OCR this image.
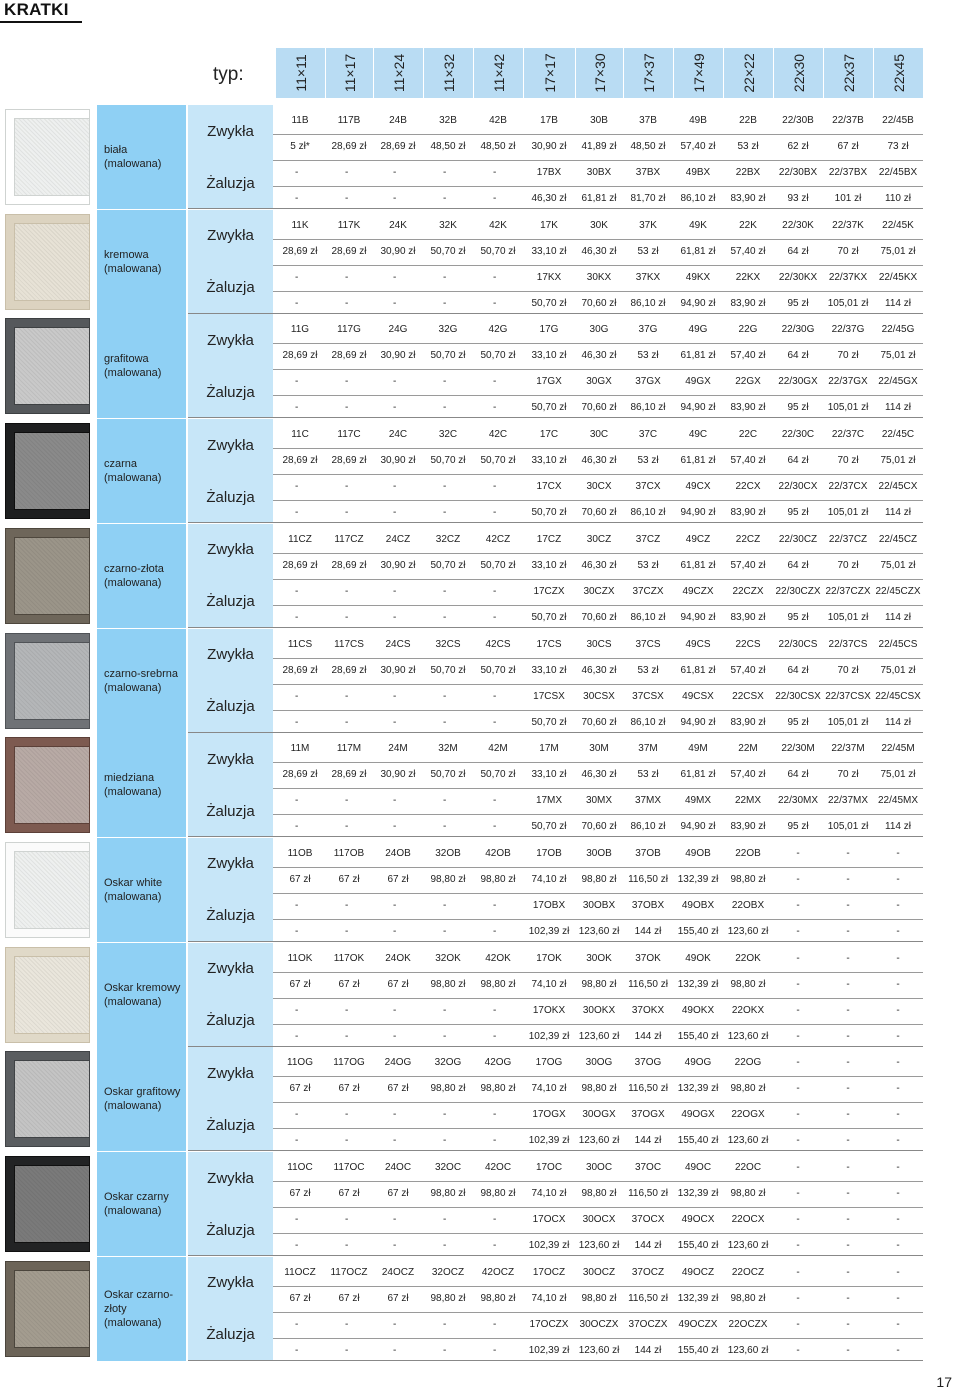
KRATKI
typ:	11×11 11×17 11×24 11×32 11×42	17×17 17×30 17×37 17×49 22×22 22x30 22x37 22x45
biała (malowana)
Zwykła
Żaluzja
11B	117B	24B	32B	42B	17B	30B	37B	49B	22B	22/30B	22/37B	22/45B
5 zł*	28,69 zł	28,69 zł	48,50 zł	48,50 zł	30,90 zł	41,89 zł	48,50 zł	57,40 zł	53 zł	62 zł	67 zł	73 zł
-	-	-	-	-	17BX	30BX	37BX	49BX	22BX	22/30BX	22/37BX	22/45BX
-	-	-	-	-	46,30 zł	61,81 zł	81,70 zł	86,10 zł	83,90 zł	93 zł	101 zł	110 zł
kremowa (malowana)
Zwykła
Żaluzja
11K	117K	24K	32K	42K	17K	30K	37K	49K	22K	22/30K	22/37K	22/45K
28,69 zł	28,69 zł	30,90 zł	50,70 zł	50,70 zł	33,10 zł	46,30 zł	53 zł	61,81 zł	57,40 zł	64 zł	70 zł	75,01 zł
-	-	-	-	-	17KX	30KX	37KX	49KX	22KX	22/30KX	22/37KX	22/45KX
-	-	-	-	-	50,70 zł	70,60 zł	86,10 zł	94,90 zł	83,90 zł	95 zł	105,01 zł	114 zł
grafitowa (malowana)
Zwykła
Żaluzja
11G	117G	24G	32G	42G	17G	30G	37G	49G	22G	22/30G	22/37G	22/45G
28,69 zł	28,69 zł	30,90 zł	50,70 zł	50,70 zł	33,10 zł	46,30 zł	53 zł	61,81 zł	57,40 zł	64 zł	70 zł	75,01 zł
-	-	-	-	-	17GX	30GX	37GX	49GX	22GX	22/30GX	22/37GX	22/45GX
-	-	-	-	-	50,70 zł	70,60 zł	86,10 zł	94,90 zł	83,90 zł	95 zł	105,01 zł	114 zł
czarna (malowana)
Zwykła
Żaluzja
11C	117C	24C	32C	42C	17C	30C	37C	49C	22C	22/30C	22/37C	22/45C
28,69 zł	28,69 zł	30,90 zł	50,70 zł	50,70 zł	33,10 zł	46,30 zł	53 zł	61,81 zł	57,40 zł	64 zł	70 zł	75,01 zł
-	-	-	-	-	17CX	30CX	37CX	49CX	22CX	22/30CX	22/37CX	22/45CX
-	-	-	-	-	50,70 zł	70,60 zł	86,10 zł	94,90 zł	83,90 zł	95 zł	105,01 zł	114 zł
czarno-złota (malowana)
Zwykła
Żaluzja
11CZ	117CZ	24CZ	32CZ	42CZ	17CZ	30CZ	37CZ	49CZ	22CZ	22/30CZ	22/37CZ	22/45CZ
28,69 zł	28,69 zł	30,90 zł	50,70 zł	50,70 zł	33,10 zł	46,30 zł	53 zł	61,81 zł	57,40 zł	64 zł	70 zł	75,01 zł
-	-	-	-	-	17CZX	30CZX	37CZX	49CZX	22CZX	22/30CZX 22/37CZX 22/45CZX
-	-	-	-	-	50,70 zł	70,60 zł	86,10 zł	94,90 zł	83,90 zł	95 zł	105,01 zł	114 zł
czarno-srebrna (malowana)
Zwykła
Żaluzja
11CS	117CS	24CS	32CS	42CS	17CS	30CS	37CS	49CS	22CS	22/30CS	22/37CS	22/45CS
28,69 zł	28,69 zł	30,90 zł	50,70 zł	50,70 zł	33,10 zł	46,30 zł	53 zł	61,81 zł	57,40 zł	64 zł	70 zł	75,01 zł
-	-	-	-	-	17CSX	30CSX	37CSX	49CSX	22CSX	22/30CSX 22/37CSX 22/45CSX
-	-	-	-	-	50,70 zł	70,60 zł	86,10 zł	94,90 zł	83,90 zł	95 zł	105,01 zł	114 zł
miedziana (malowana)
Zwykła
Żaluzja
11M	117M	24M	32M	42M	17M	30M	37M	49M	22M	22/30M	22/37M	22/45M
28,69 zł	28,69 zł	30,90 zł	50,70 zł	50,70 zł	33,10 zł	46,30 zł	53 zł	61,81 zł	57,40 zł	64 zł	70 zł	75,01 zł
-	-	-	-	-	17MX	30MX	37MX	49MX	22MX	22/30MX 22/37MX 22/45MX
-	-	-	-	-	50,70 zł	70,60 zł	86,10 zł	94,90 zł	83,90 zł	95 zł	105,01 zł	114 zł
Oskar white (malowana)
Zwykła
Żaluzja
11OB	117OB	24OB	32OB	42OB	17OB	30OB	37OB	49OB	22OB	-	-	-
67 zł	67 zł	67 zł	98,80 zł	98,80 zł	74,10 zł	98,80 zł	116,50 zł 132,39 zł	98,80 zł	-	-	-
-	-	-	-	-	17OBX	30OBX	37OBX	49OBX	22OBX	-	-	-
-	-	-	-	-	102,39 zł 123,60 zł	144 zł	155,40 zł 123,60 zł	-	-	-
Oskar kremowy (malowana)
Zwykła
Żaluzja
11OK	117OK	24OK	32OK	42OK	17OK	30OK	37OK	49OK	22OK	-	-	-
67 zł	67 zł	67 zł	98,80 zł	98,80 zł	74,10 zł	98,80 zł	116,50 zł 132,39 zł	98,80 zł	-	-	-
-	-	-	-	-	17OKX	30OKX	37OKX	49OKX	22OKX	-	-	-
-	-	-	-	-	102,39 zł 123,60 zł	144 zł	155,40 zł 123,60 zł	-	-	-
Oskar grafitowy (malowana)
Zwykła
Żaluzja
11OG	117OG	24OG	32OG	42OG	17OG	30OG	37OG	49OG	22OG	-	-	-
67 zł	67 zł	67 zł	98,80 zł	98,80 zł	74,10 zł	98,80 zł	116,50 zł 132,39 zł	98,80 zł	-	-	-
-	-	-	-	-	17OGX	30OGX	37OGX	49OGX	22OGX	-	-	-
-	-	-	-	-	102,39 zł 123,60 zł	144 zł	155,40 zł 123,60 zł	-	-	-
Oskar czarny (malowana)
Zwykła
Żaluzja
11OC	117OC	24OC	32OC	42OC	17OC	30OC	37OC	49OC	22OC	-	-	-
67 zł	67 zł	67 zł	98,80 zł	98,80 zł	74,10 zł	98,80 zł	116,50 zł 132,39 zł	98,80 zł	-	-	-
-	-	-	-	-	17OCX	30OCX	37OCX	49OCX	22OCX	-	-	-
-	-	-	-	-	102,39 zł 123,60 zł	144 zł	155,40 zł 123,60 zł	-	-	-
Oskar czarno-złoty (malowana)
Zwykła
Żaluzja
11OCZ	117OCZ	24OCZ	32OCZ	42OCZ	17OCZ	30OCZ	37OCZ	49OCZ	22OCZ	-	-	-
67 zł	67 zł	67 zł	98,80 zł	98,80 zł	74,10 zł	98,80 zł	116,50 zł 132,39 zł	98,80 zł	-	-	-
-	-	-	-	-	17OCZX	30OCZX	37OCZX	49OCZX	22OCZX	-	-	-
-	-	-	-	-	102,39 zł 123,60 zł	144 zł	155,40 zł 123,60 zł	-	-	-
17
